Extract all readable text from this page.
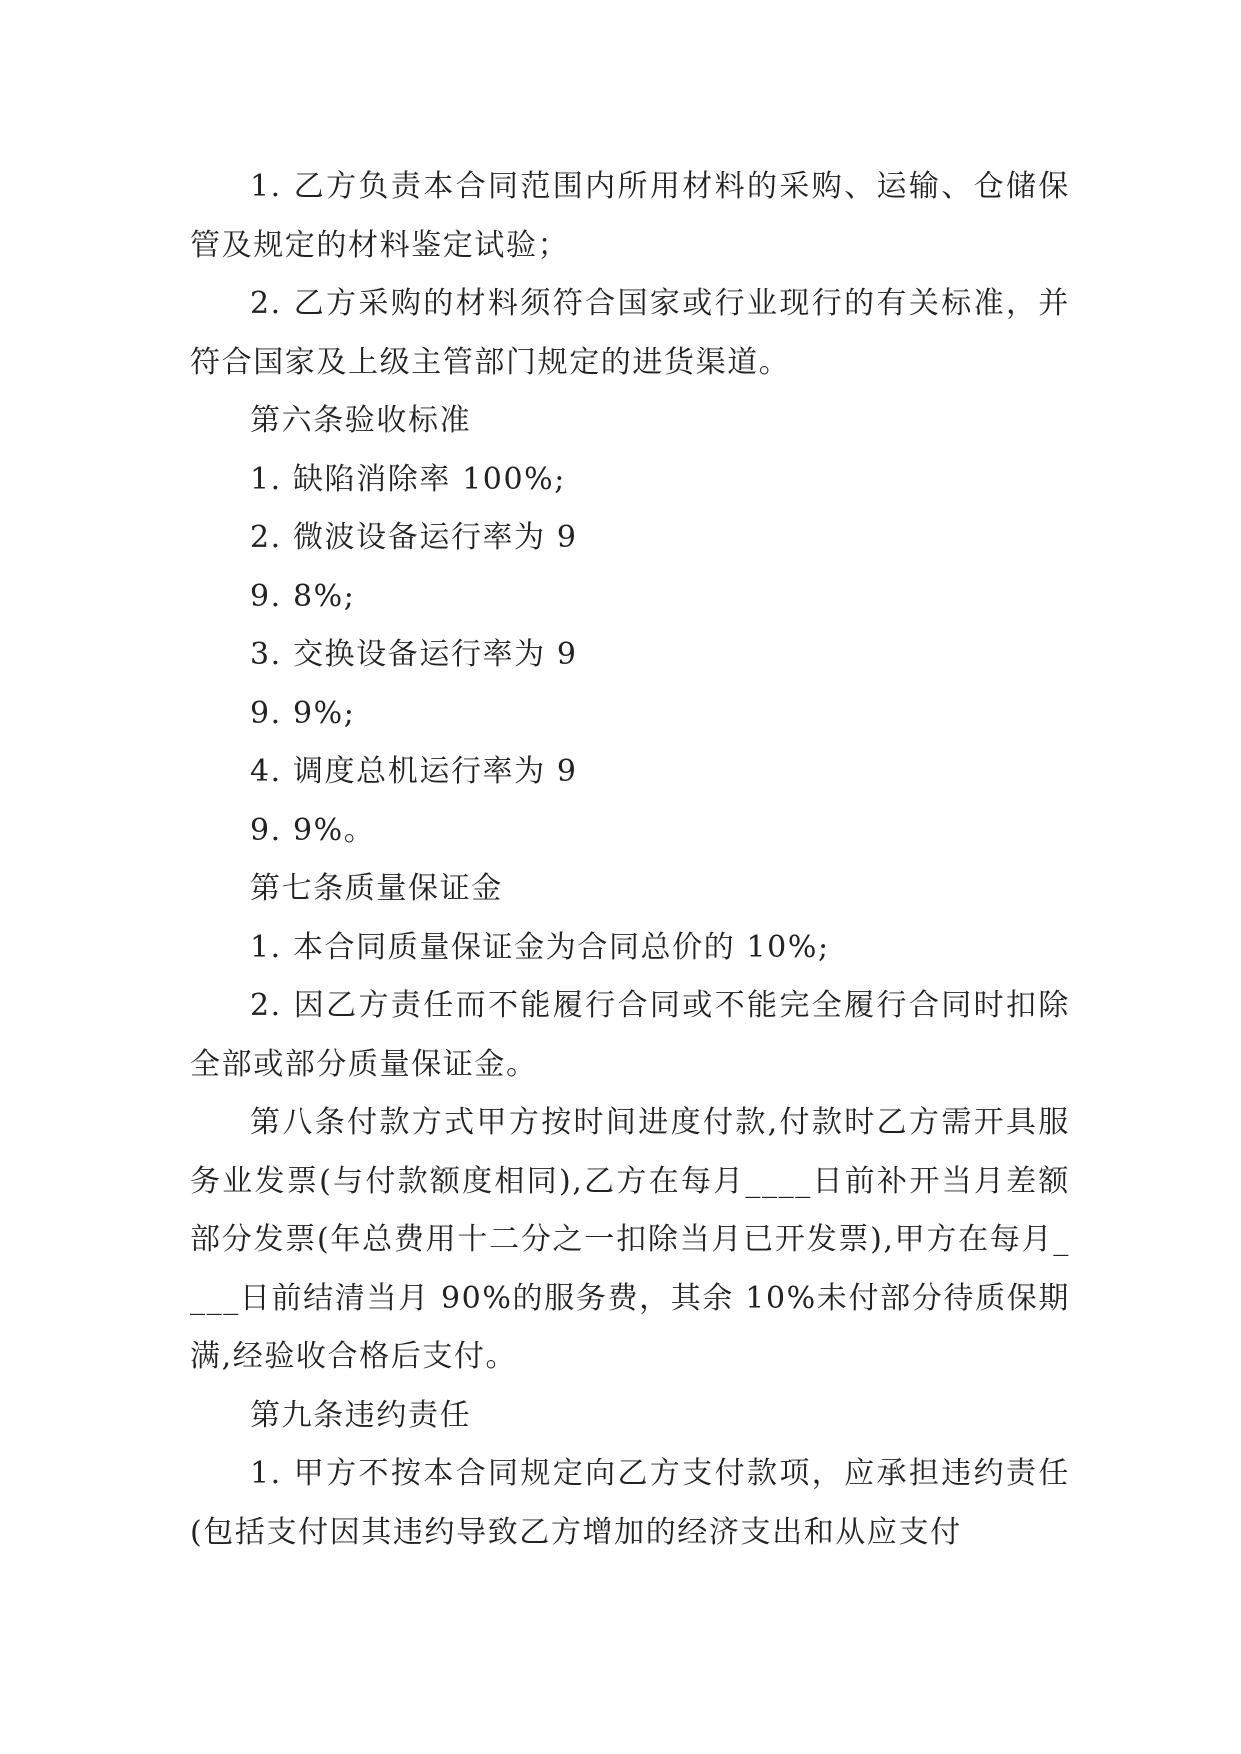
1. 乙方负责本合同范围内所用材料的采购、运输、仓储保管及规定的材料鉴定试验；

2. 乙方采购的材料须符合国家或行业现行的有关标准，并符合国家及上级主管部门规定的进货渠道。

第六条验收标准

1. 缺陷消除率 100%;

2. 微波设备运行率为 9

9. 8%;

3. 交换设备运行率为 9

9. 9%;

4. 调度总机运行率为 9

9. 9%。

第七条质量保证金

1. 本合同质量保证金为合同总价的 10%;

2. 因乙方责任而不能履行合同或不能完全履行合同时扣除全部或部分质量保证金。

第八条付款方式甲方按时间进度付款,付款时乙方需开具服务业发票(与付款额度相同),乙方在每月____日前补开当月差额部分发票(年总费用十二分之一扣除当月已开发票),甲方在每月____日前结清当月 90%的服务费，其余 10%未付部分待质保期满,经验收合格后支付。

第九条违约责任

1. 甲方不按本合同规定向乙方支付款项，应承担违约责任(包括支付因其违约导致乙方增加的经济支出和从应支付
